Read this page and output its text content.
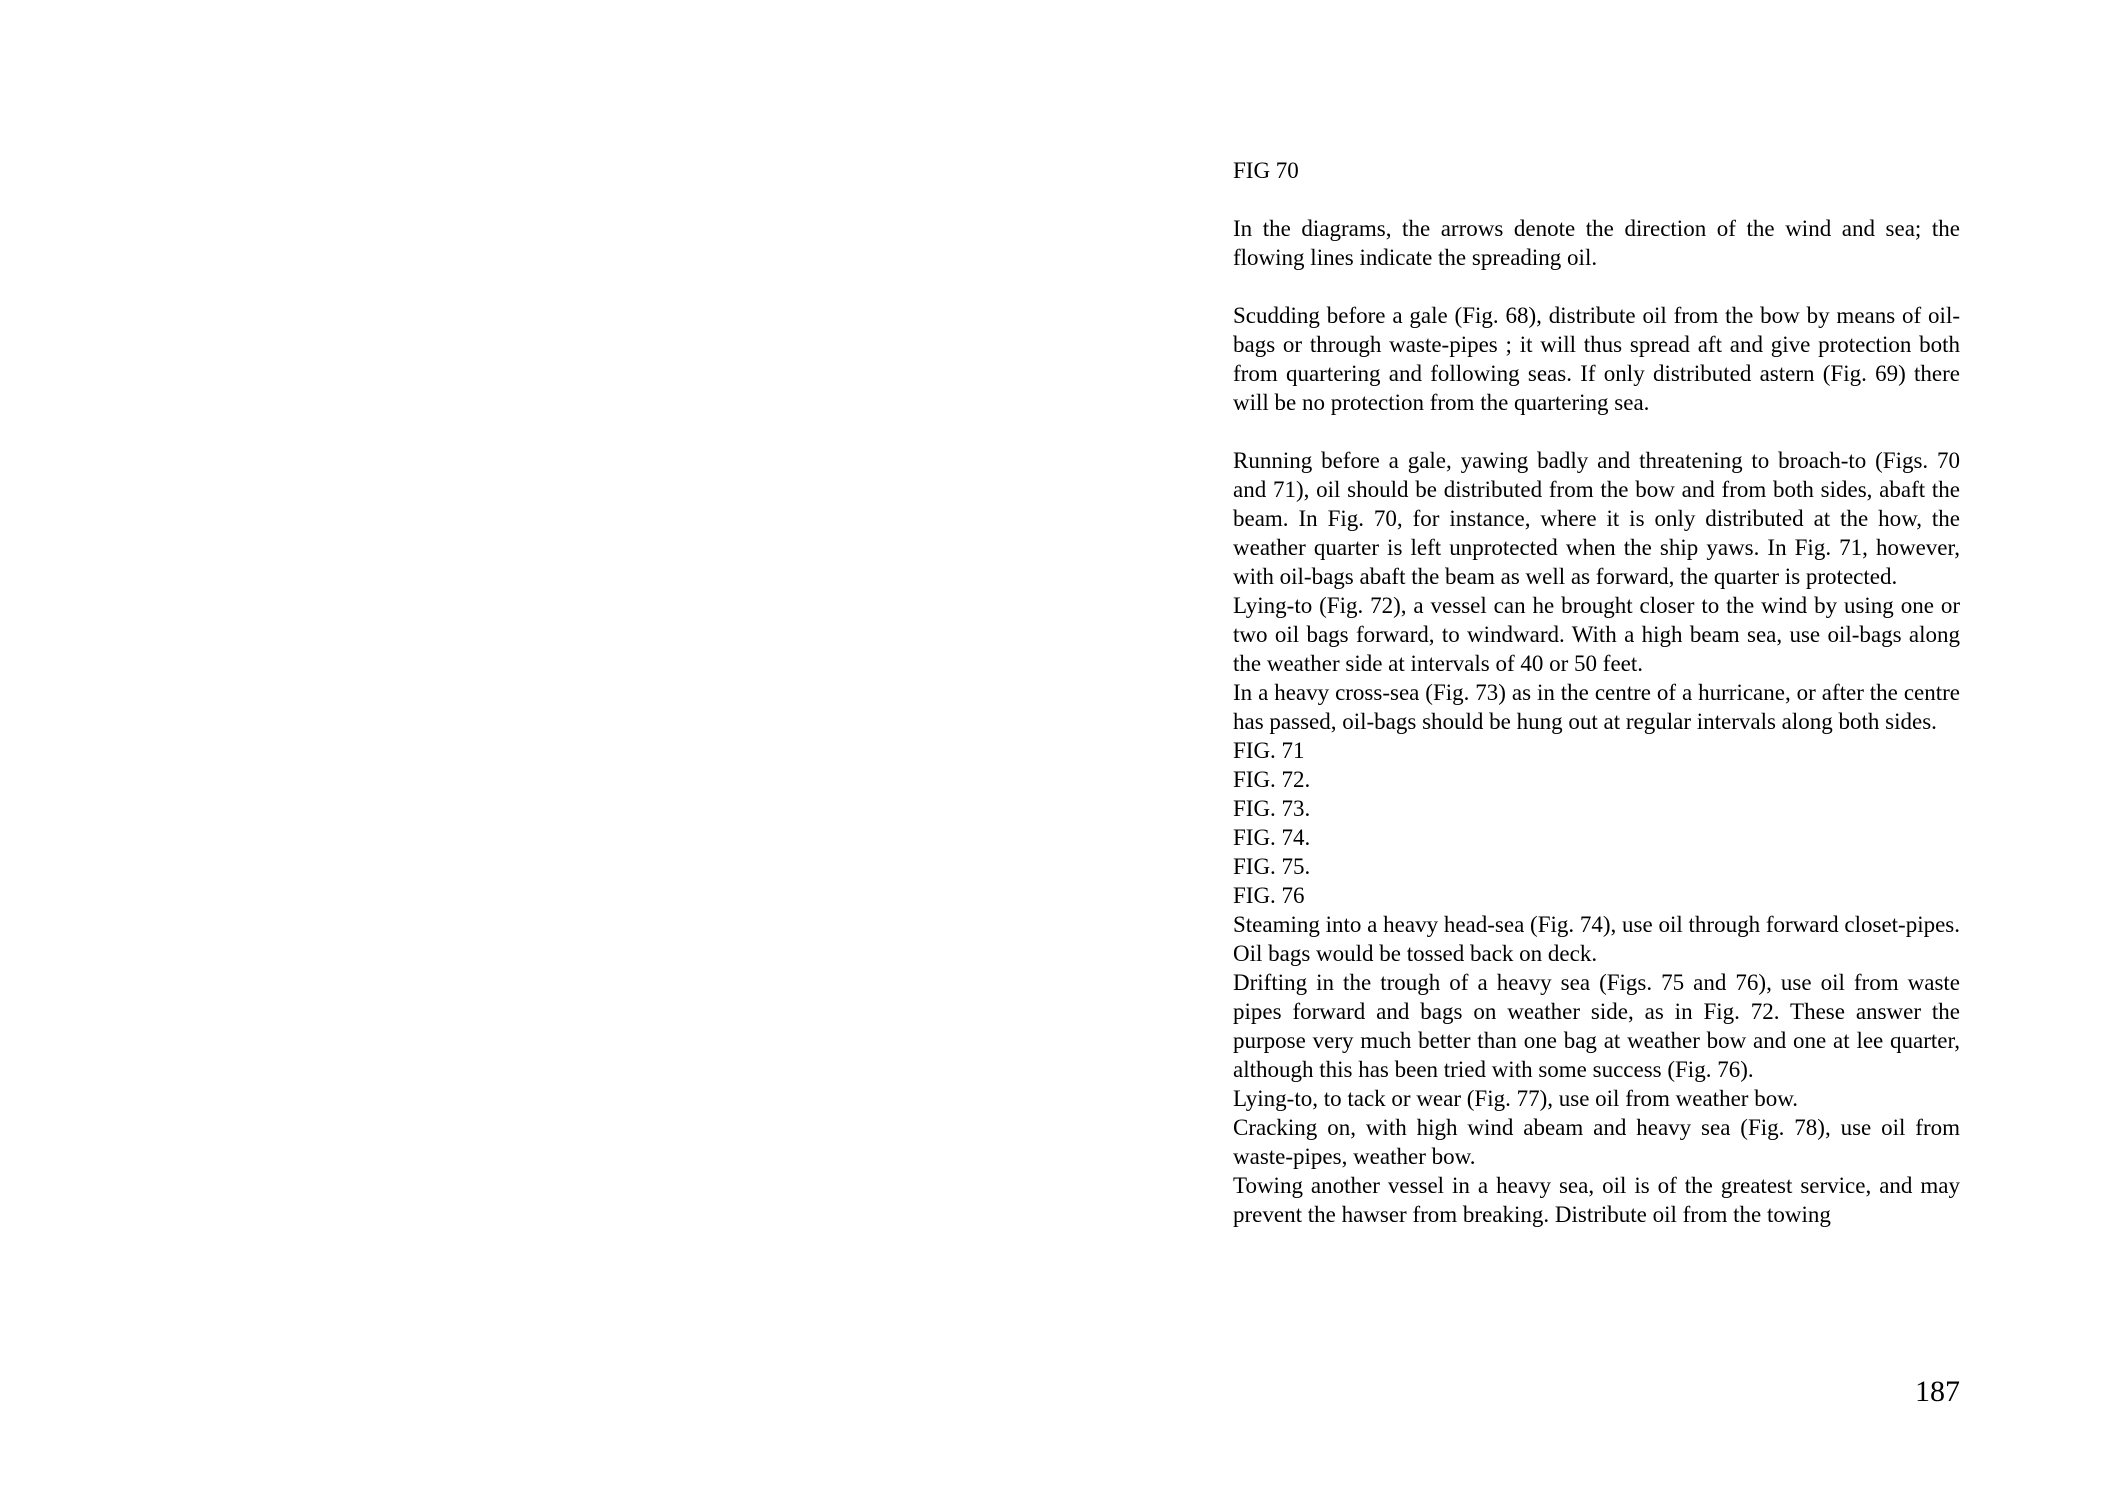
FIG 70

In the diagrams, the arrows denote the direction of the wind and sea; the flowing lines indicate the spreading oil.

Scudding before a gale (Fig. 68), distribute oil from the bow by means of oil-bags or through waste-pipes ; it will thus spread aft and give protection both from quartering and following seas. If only distributed astern (Fig. 69) there will be no protection from the quartering sea.

Running before a gale, yawing badly and threatening to broach-to (Figs. 70 and 71), oil should be distributed from the bow and from both sides, abaft the beam. In Fig. 70, for instance, where it is only distributed at the how, the weather quarter is left unprotected when the ship yaws. In Fig. 71, however, with oil-bags abaft the beam as well as forward, the quarter is protected.

Lying-to (Fig. 72), a vessel can he brought closer to the wind by using one or two oil bags forward, to windward. With a high beam sea, use oil-bags along the weather side at intervals of 40 or 50 feet.

In a heavy cross-sea (Fig. 73) as in the centre of a hurricane, or after the centre has passed, oil-bags should be hung out at regular intervals along both sides.

FIG. 71

FIG. 72.

FIG. 73.

FIG. 74.

FIG. 75.

FIG. 76

Steaming into a heavy head-sea (Fig. 74), use oil through forward closet-pipes. Oil bags would be tossed back on deck.

Drifting in the trough of a heavy sea (Figs. 75 and 76), use oil from waste pipes forward and bags on weather side, as in Fig. 72. These answer the purpose very much better than one bag at weather bow and one at lee quarter, although this has been tried with some success (Fig. 76).

Lying-to, to tack or wear (Fig. 77), use oil from weather bow.

Cracking on, with high wind abeam and heavy sea (Fig. 78), use oil from waste-pipes, weather bow.

Towing another vessel in a heavy sea, oil is of the greatest service, and may prevent the hawser from breaking. Distribute oil from the towing

187
